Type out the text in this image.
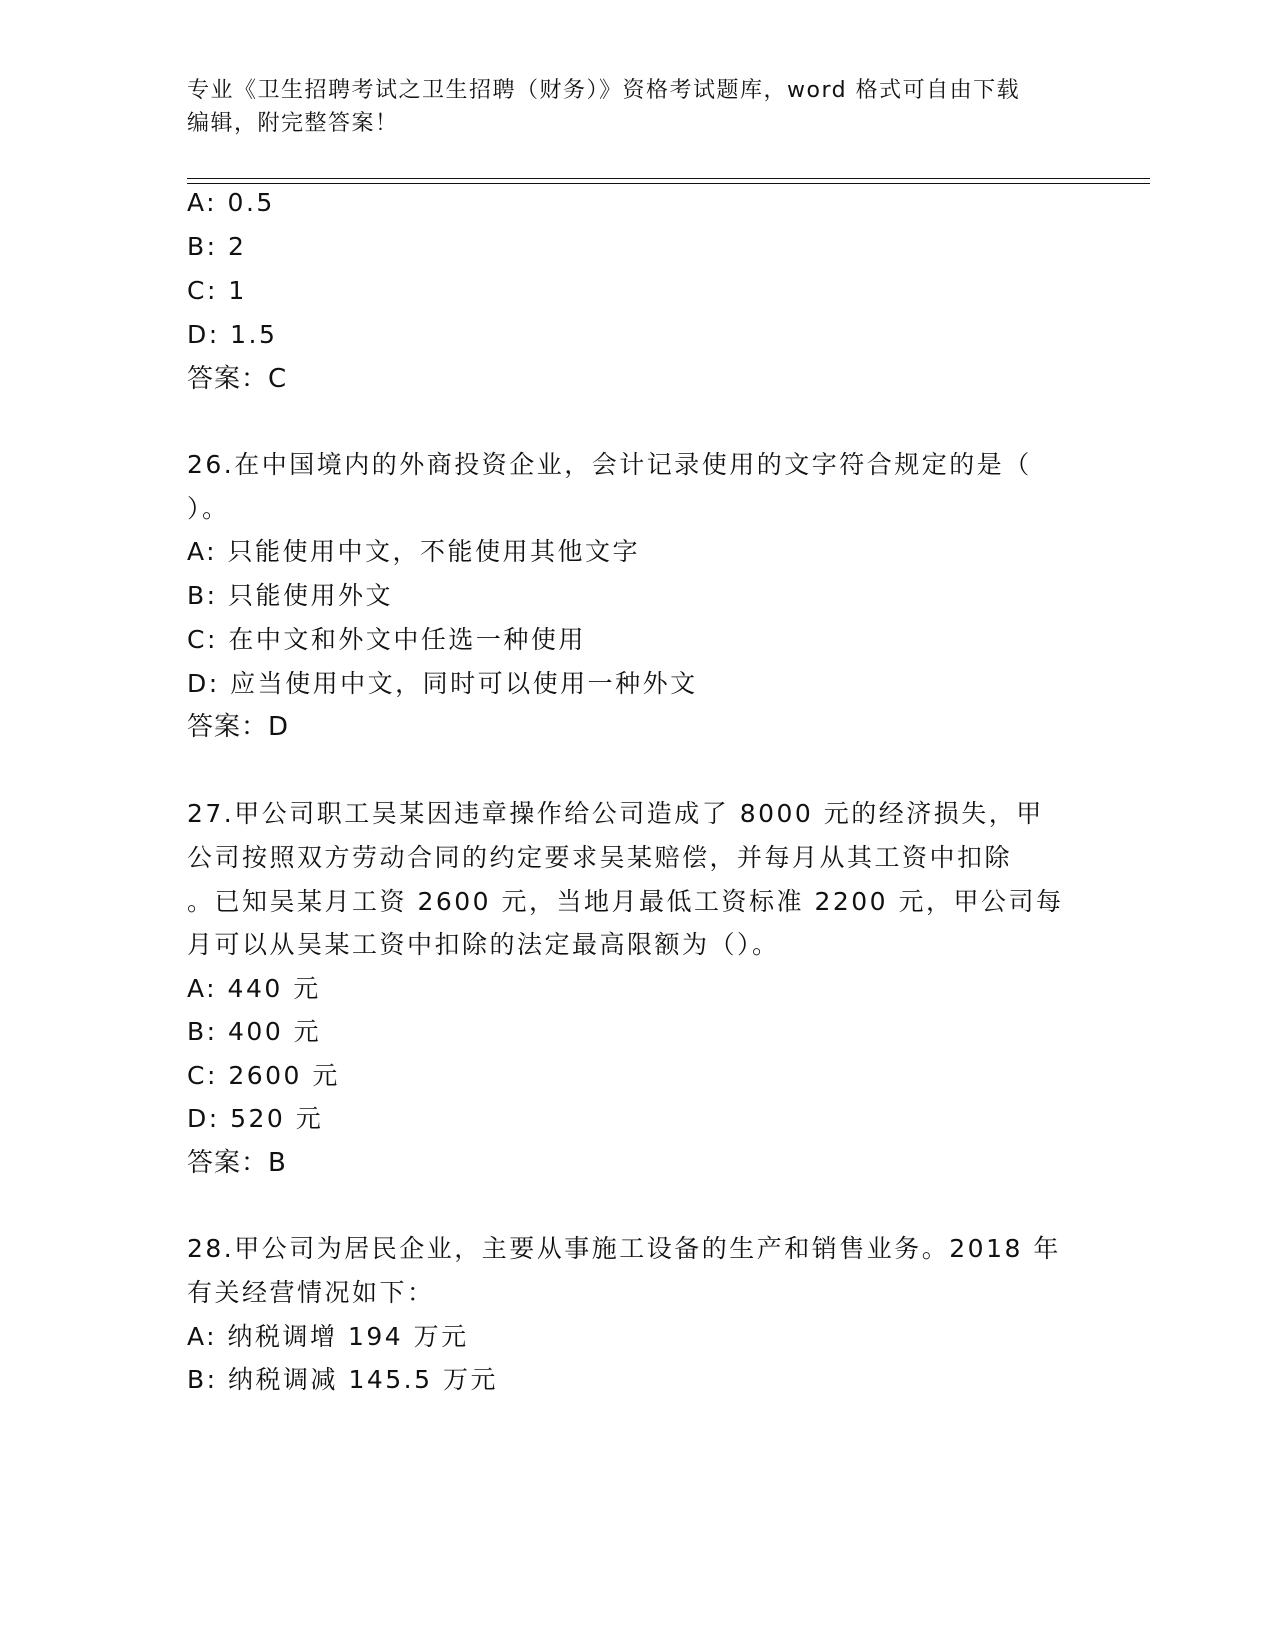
专业《卫生招聘考试之卫生招聘（财务）》资格考试题库，word 格式可自由下载
编辑，附完整答案！
A: 0.5
B: 2
C: 1
D: 1.5
答案：C
26.在中国境内的外商投资企业，会计记录使用的文字符合规定的是（
）。
A: 只能使用中文，不能使用其他文字
B: 只能使用外文
C: 在中文和外文中任选一种使用
D: 应当使用中文，同时可以使用一种外文
答案：D
27.甲公司职工吴某因违章操作给公司造成了 8000 元的经济损失，甲
公司按照双方劳动合同的约定要求吴某赔偿，并每月从其工资中扣除
。已知吴某月工资 2600 元，当地月最低工资标准 2200 元，甲公司每
月可以从吴某工资中扣除的法定最高限额为（）。
A: 440 元
B: 400 元
C: 2600 元
D: 520 元
答案：B
28.甲公司为居民企业，主要从事施工设备的生产和销售业务。2018 年
有关经营情况如下：
A: 纳税调增 194 万元
B: 纳税调减 145.5 万元
